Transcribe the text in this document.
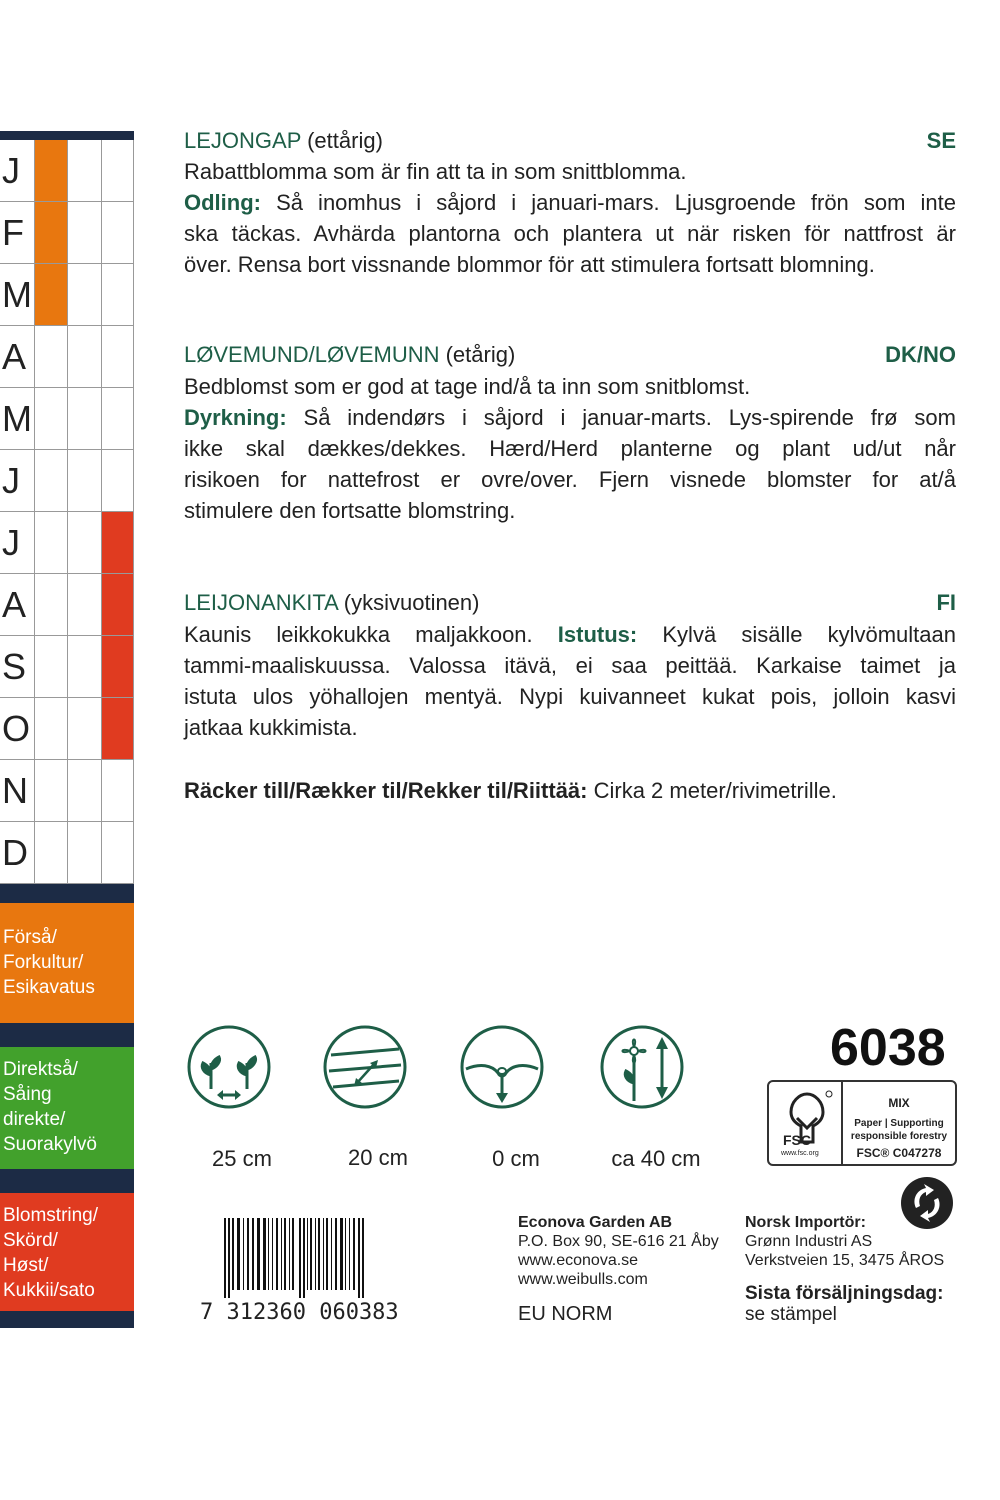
J
F
M
A
M
J
J
A
S
O
N
D
Förså/
Forkultur/
Esikavatus
Direktså/
Såing
direkte/
Suorakylvö
Blomstring/
Skörd/
Høst/
Kukkii/sato
LEJONGAP (ettårig)	SE
Rabattblomma som är fin att ta in som snittblomma.
Odling: Så inomhus i såjord i januari-mars. Ljusgroende frön som inte
ska täckas. Avhärda plantorna och plantera ut när risken för nattfrost är
över. Rensa bort vissnande blommor för att stimulera fortsatt blomning.
LØVEMUND/LØVEMUNN (etårig)	DK/NO
Bedblomst som er god at tage ind/å ta inn som snitblomst.
Dyrkning: Så indendørs i såjord i januar-marts. Lys-spirende frø som
ikke skal dækkes/dekkes. Hærd/Herd planterne og plant ud/ut når
risikoen for nattefrost er ovre/over. Fjern visnede blomster for at/å
stimulere den fortsatte blomstring.
LEIJONANKITA (yksivuotinen)	FI
Kaunis leikkokukka maljakkoon. Istutus: Kylvä sisälle kylvömultaan
tammi-maaliskuussa. Valossa itävä, ei saa peittää. Karkaise taimet ja
istuta ulos yöhallojen mentyä. Nypi kuivanneet kukat pois, jolloin kasvi
jatkaa kukkimista.
Räcker till/Rækker til/Rekker til/Riittää: Cirka 2 meter/rivimetrille.
25 cm	20 cm	0 cm	ca 40 cm
6038
FSC
www.fsc.org
MIX
Paper | Supporting
responsible forestry
FSC® C047278
7 312360 060383
Econova Garden AB
P.O. Box 90, SE-616 21 Åby
www.econova.se
www.weibulls.com
EU NORM
Norsk Importör:
Grønn Industri AS
Verkstveien 15, 3475 ÅROS
Sista försäljningsdag:
se stämpel
